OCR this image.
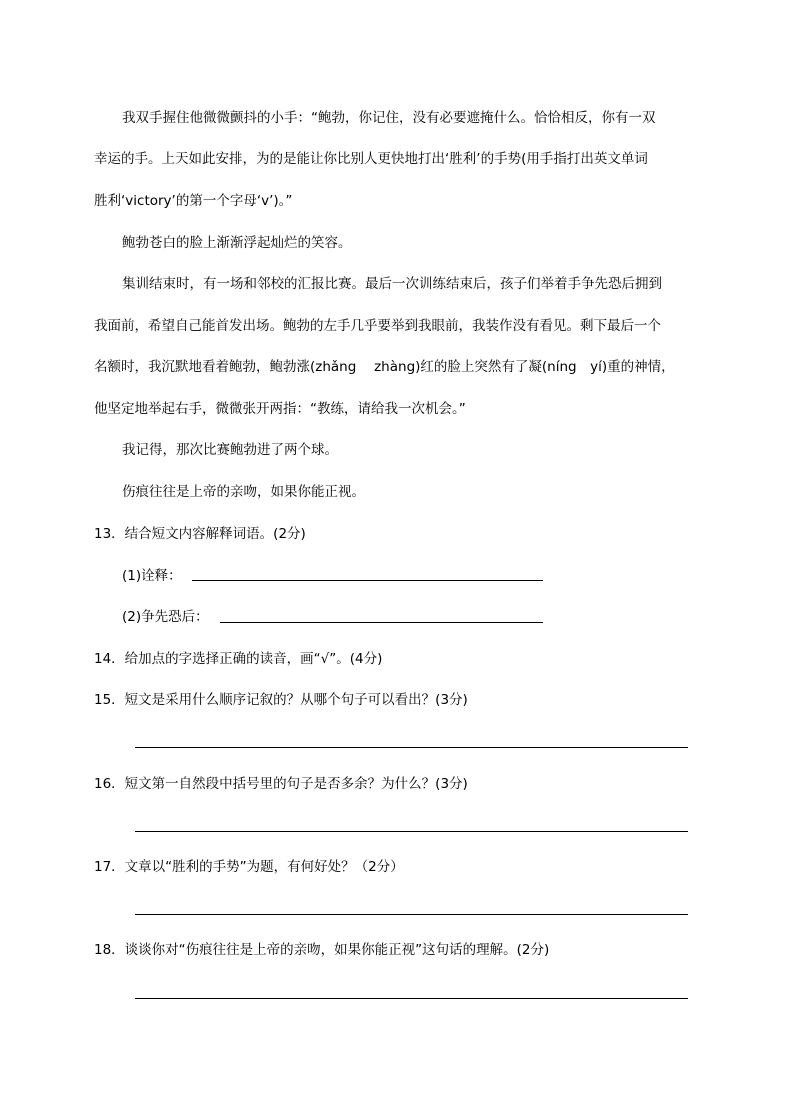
我双手握住他微微颤抖的小手：“鲍勃，你记住，没有必要遮掩什么。恰恰相反，你有一双
幸运的手。上天如此安排，为的是能让你比别人更快地打出‘胜利’的手势(用手指打出英文单词
胜利‘victory’的第一个字母‘v’)。”
鲍勃苍白的脸上渐渐浮起灿烂的笑容。
集训结束时，有一场和邻校的汇报比赛。最后一次训练结束后，孩子们举着手争先恐后拥到
我面前，希望自己能首发出场。鲍勃的左手几乎要举到我眼前，我装作没有看见。剩下最后一个
名额时，我沉默地看着鲍勃，鲍勃涨(zhǎng　 zhàng)红的脸上突然有了凝(níng　yí)重的神情，
他坚定地举起右手，微微张开两指：“教练，请给我一次机会。”
我记得，那次比赛鲍勃进了两个球。
伤痕往往是上帝的亲吻，如果你能正视。
13．结合短文内容解释词语。(2分)
(1)诠释：
(2)争先恐后：
14．给加点的字选择正确的读音，画“√”。(4分)
15．短文是采用什么顺序记叙的？从哪个句子可以看出？(3分)
16．短文第一自然段中括号里的句子是否多余？为什么？(3分)
17．文章以“胜利的手势”为题，有何好处？（2分）
18．谈谈你对“伤痕往往是上帝的亲吻，如果你能正视”这句话的理解。(2分)
